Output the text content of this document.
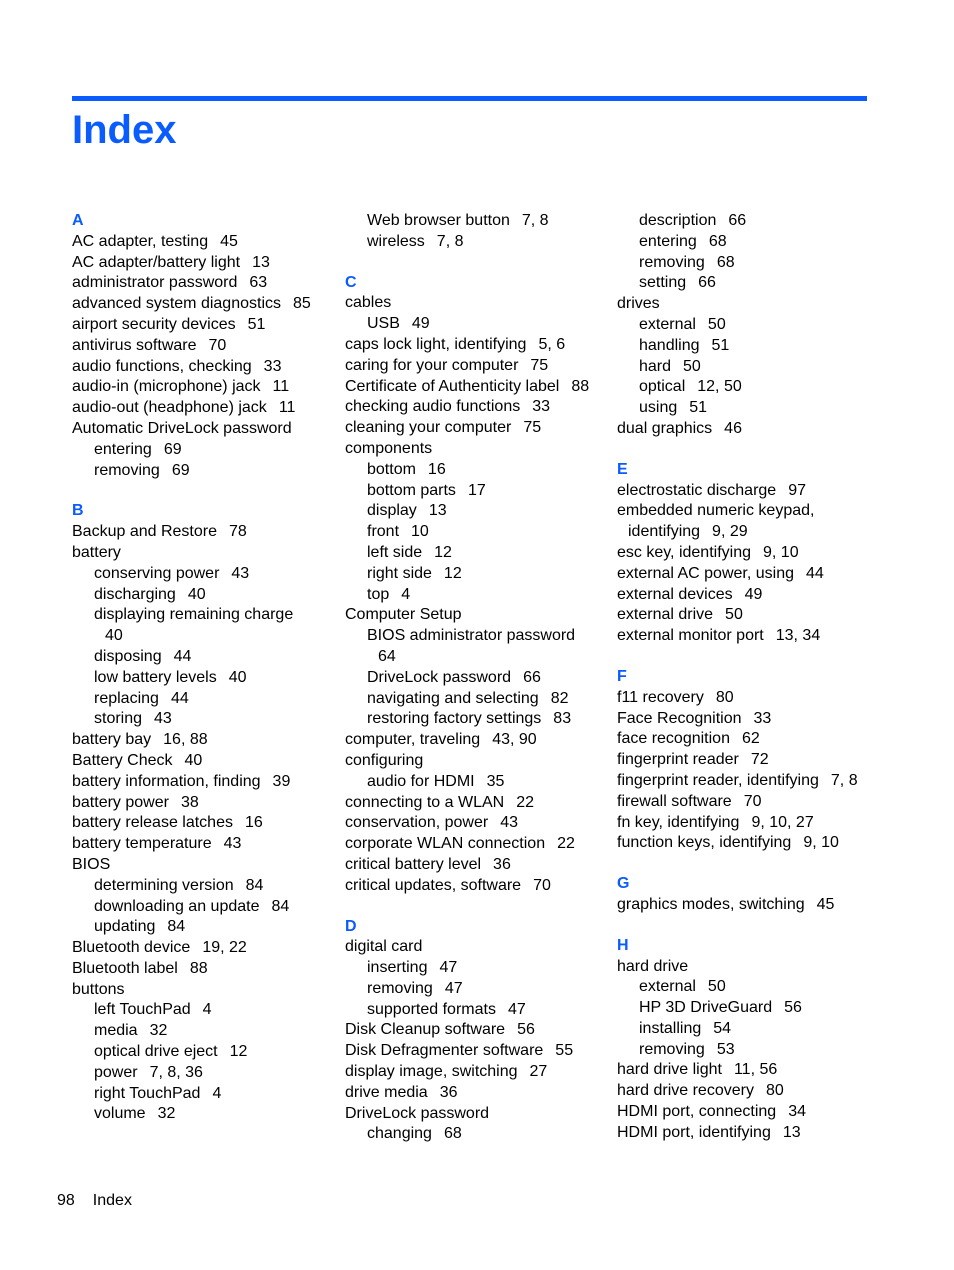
Index
A
AC adapter, testing 45
AC adapter/battery light 13
administrator password 63
advanced system diagnostics 85
airport security devices 51
antivirus software 70
audio functions, checking 33
audio-in (microphone) jack 11
audio-out (headphone) jack 11
Automatic DriveLock password
entering 69
removing 69
B
Backup and Restore 78
battery
conserving power 43
discharging 40
displaying remaining charge
40
disposing 44
low battery levels 40
replacing 44
storing 43
battery bay 16, 88
Battery Check 40
battery information, finding 39
battery power 38
battery release latches 16
battery temperature 43
BIOS
determining version 84
downloading an update 84
updating 84
Bluetooth device 19, 22
Bluetooth label 88
buttons
left TouchPad 4
media 32
optical drive eject 12
power 7, 8, 36
right TouchPad 4
volume 32
Web browser button 7, 8
wireless 7, 8
C
cables
USB 49
caps lock light, identifying 5, 6
caring for your computer 75
Certificate of Authenticity label 88
checking audio functions 33
cleaning your computer 75
components
bottom 16
bottom parts 17
display 13
front 10
left side 12
right side 12
top 4
Computer Setup
BIOS administrator password
64
DriveLock password 66
navigating and selecting 82
restoring factory settings 83
computer, traveling 43, 90
configuring
audio for HDMI 35
connecting to a WLAN 22
conservation, power 43
corporate WLAN connection 22
critical battery level 36
critical updates, software 70
D
digital card
inserting 47
removing 47
supported formats 47
Disk Cleanup software 56
Disk Defragmenter software 55
display image, switching 27
drive media 36
DriveLock password
changing 68
description 66
entering 68
removing 68
setting 66
drives
external 50
handling 51
hard 50
optical 12, 50
using 51
dual graphics 46
E
electrostatic discharge 97
embedded numeric keypad,
identifying 9, 29
esc key, identifying 9, 10
external AC power, using 44
external devices 49
external drive 50
external monitor port 13, 34
F
f11 recovery 80
Face Recognition 33
face recognition 62
fingerprint reader 72
fingerprint reader, identifying 7, 8
firewall software 70
fn key, identifying 9, 10, 27
function keys, identifying 9, 10
G
graphics modes, switching 45
H
hard drive
external 50
HP 3D DriveGuard 56
installing 54
removing 53
hard drive light 11, 56
hard drive recovery 80
HDMI port, connecting 34
HDMI port, identifying 13
98 Index
